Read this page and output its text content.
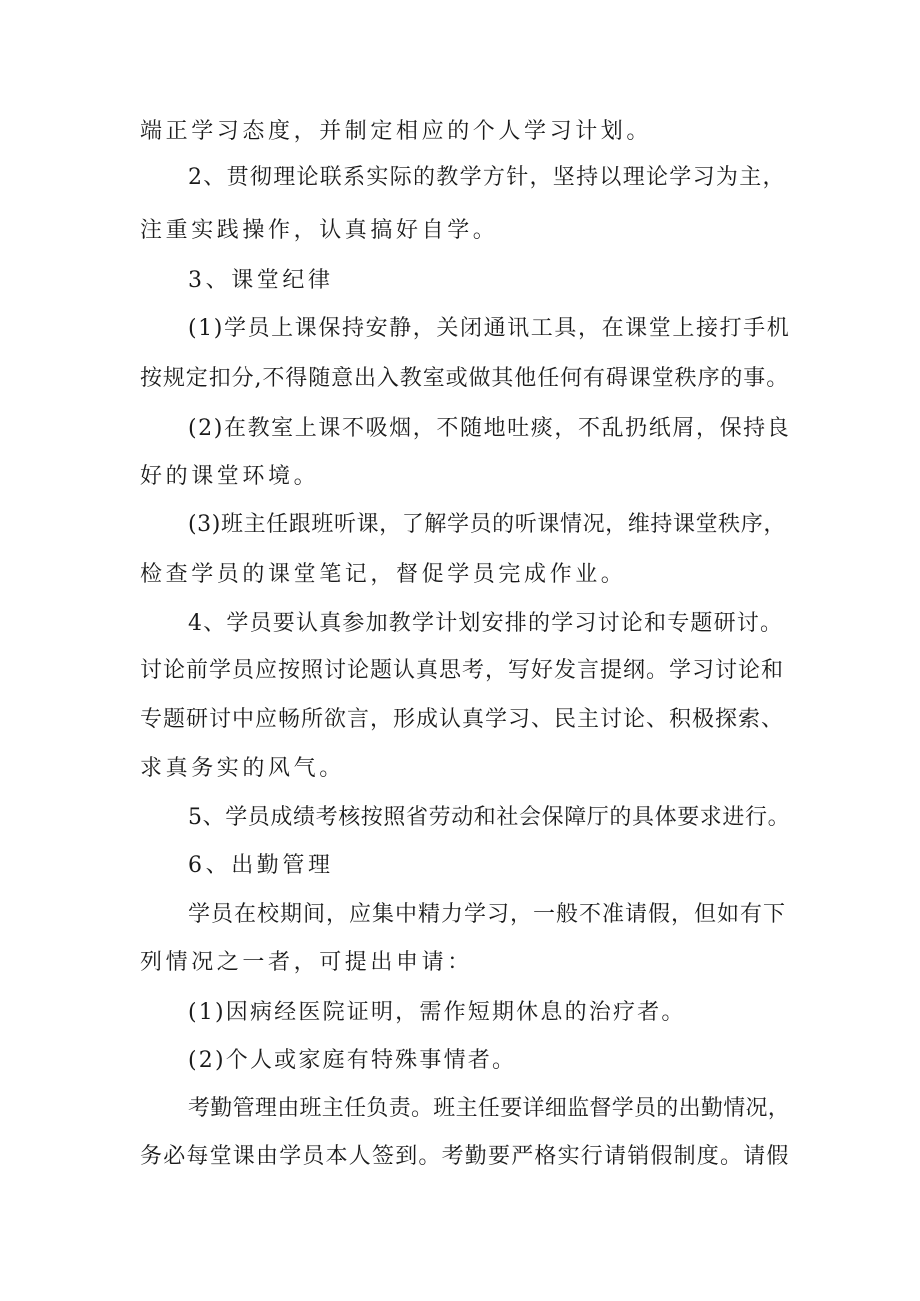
端正学习态度，并制定相应的个人学习计划。
2、贯彻理论联系实际的教学方针，坚持以理论学习为主，
注重实践操作，认真搞好自学。
3、课堂纪律
(1)学员上课保持安静，关闭通讯工具，在课堂上接打手机
按规定扣分,不得随意出入教室或做其他任何有碍课堂秩序的事。
(2)在教室上课不吸烟，不随地吐痰，不乱扔纸屑，保持良
好的课堂环境。
(3)班主任跟班听课，了解学员的听课情况，维持课堂秩序，
检查学员的课堂笔记，督促学员完成作业。
4、学员要认真参加教学计划安排的学习讨论和专题研讨。
讨论前学员应按照讨论题认真思考，写好发言提纲。学习讨论和
专题研讨中应畅所欲言，形成认真学习、民主讨论、积极探索、
求真务实的风气。
5、学员成绩考核按照省劳动和社会保障厅的具体要求进行。
6、出勤管理
学员在校期间，应集中精力学习，一般不准请假，但如有下
列情况之一者，可提出申请：
(1)因病经医院证明，需作短期休息的治疗者。
(2)个人或家庭有特殊事情者。
考勤管理由班主任负责。班主任要详细监督学员的出勤情况，
务必每堂课由学员本人签到。考勤要严格实行请销假制度。请假
